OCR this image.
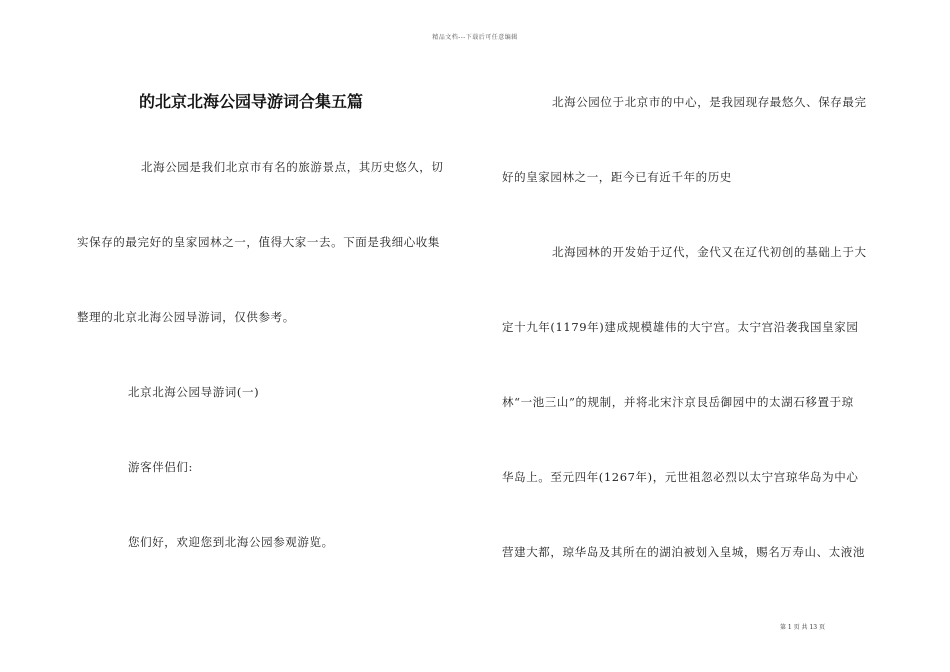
精品文档---下载后可任意编辑
的北京北海公园导游词合集五篇
北海公园是我们北京市有名的旅游景点，其历史悠久，切
实保存的最完好的皇家园林之一，值得大家一去。下面是我细心收集
整理的北京北海公园导游词，仅供参考。
北京北海公园导游词(一)
游客伴侣们:
您们好，欢迎您到北海公园参观游览。
北海公园位于北京市的中心，是我园现存最悠久、保存最完
好的皇家园林之一，距今已有近千年的历史
北海园林的开发始于辽代，金代又在辽代初创的基础上于大
定十九年(1179年)建成规模雄伟的大宁宫。太宁宫沿袭我国皇家园
林“一池三山”的规制，并将北宋汴京艮岳御园中的太湖石移置于琼
华岛上。至元四年(1267年)，元世祖忽必烈以太宁宫琼华岛为中心
营建大都，琼华岛及其所在的湖泊被划入皇城，赐名万寿山、太液池
第 1 页 共 13 页
